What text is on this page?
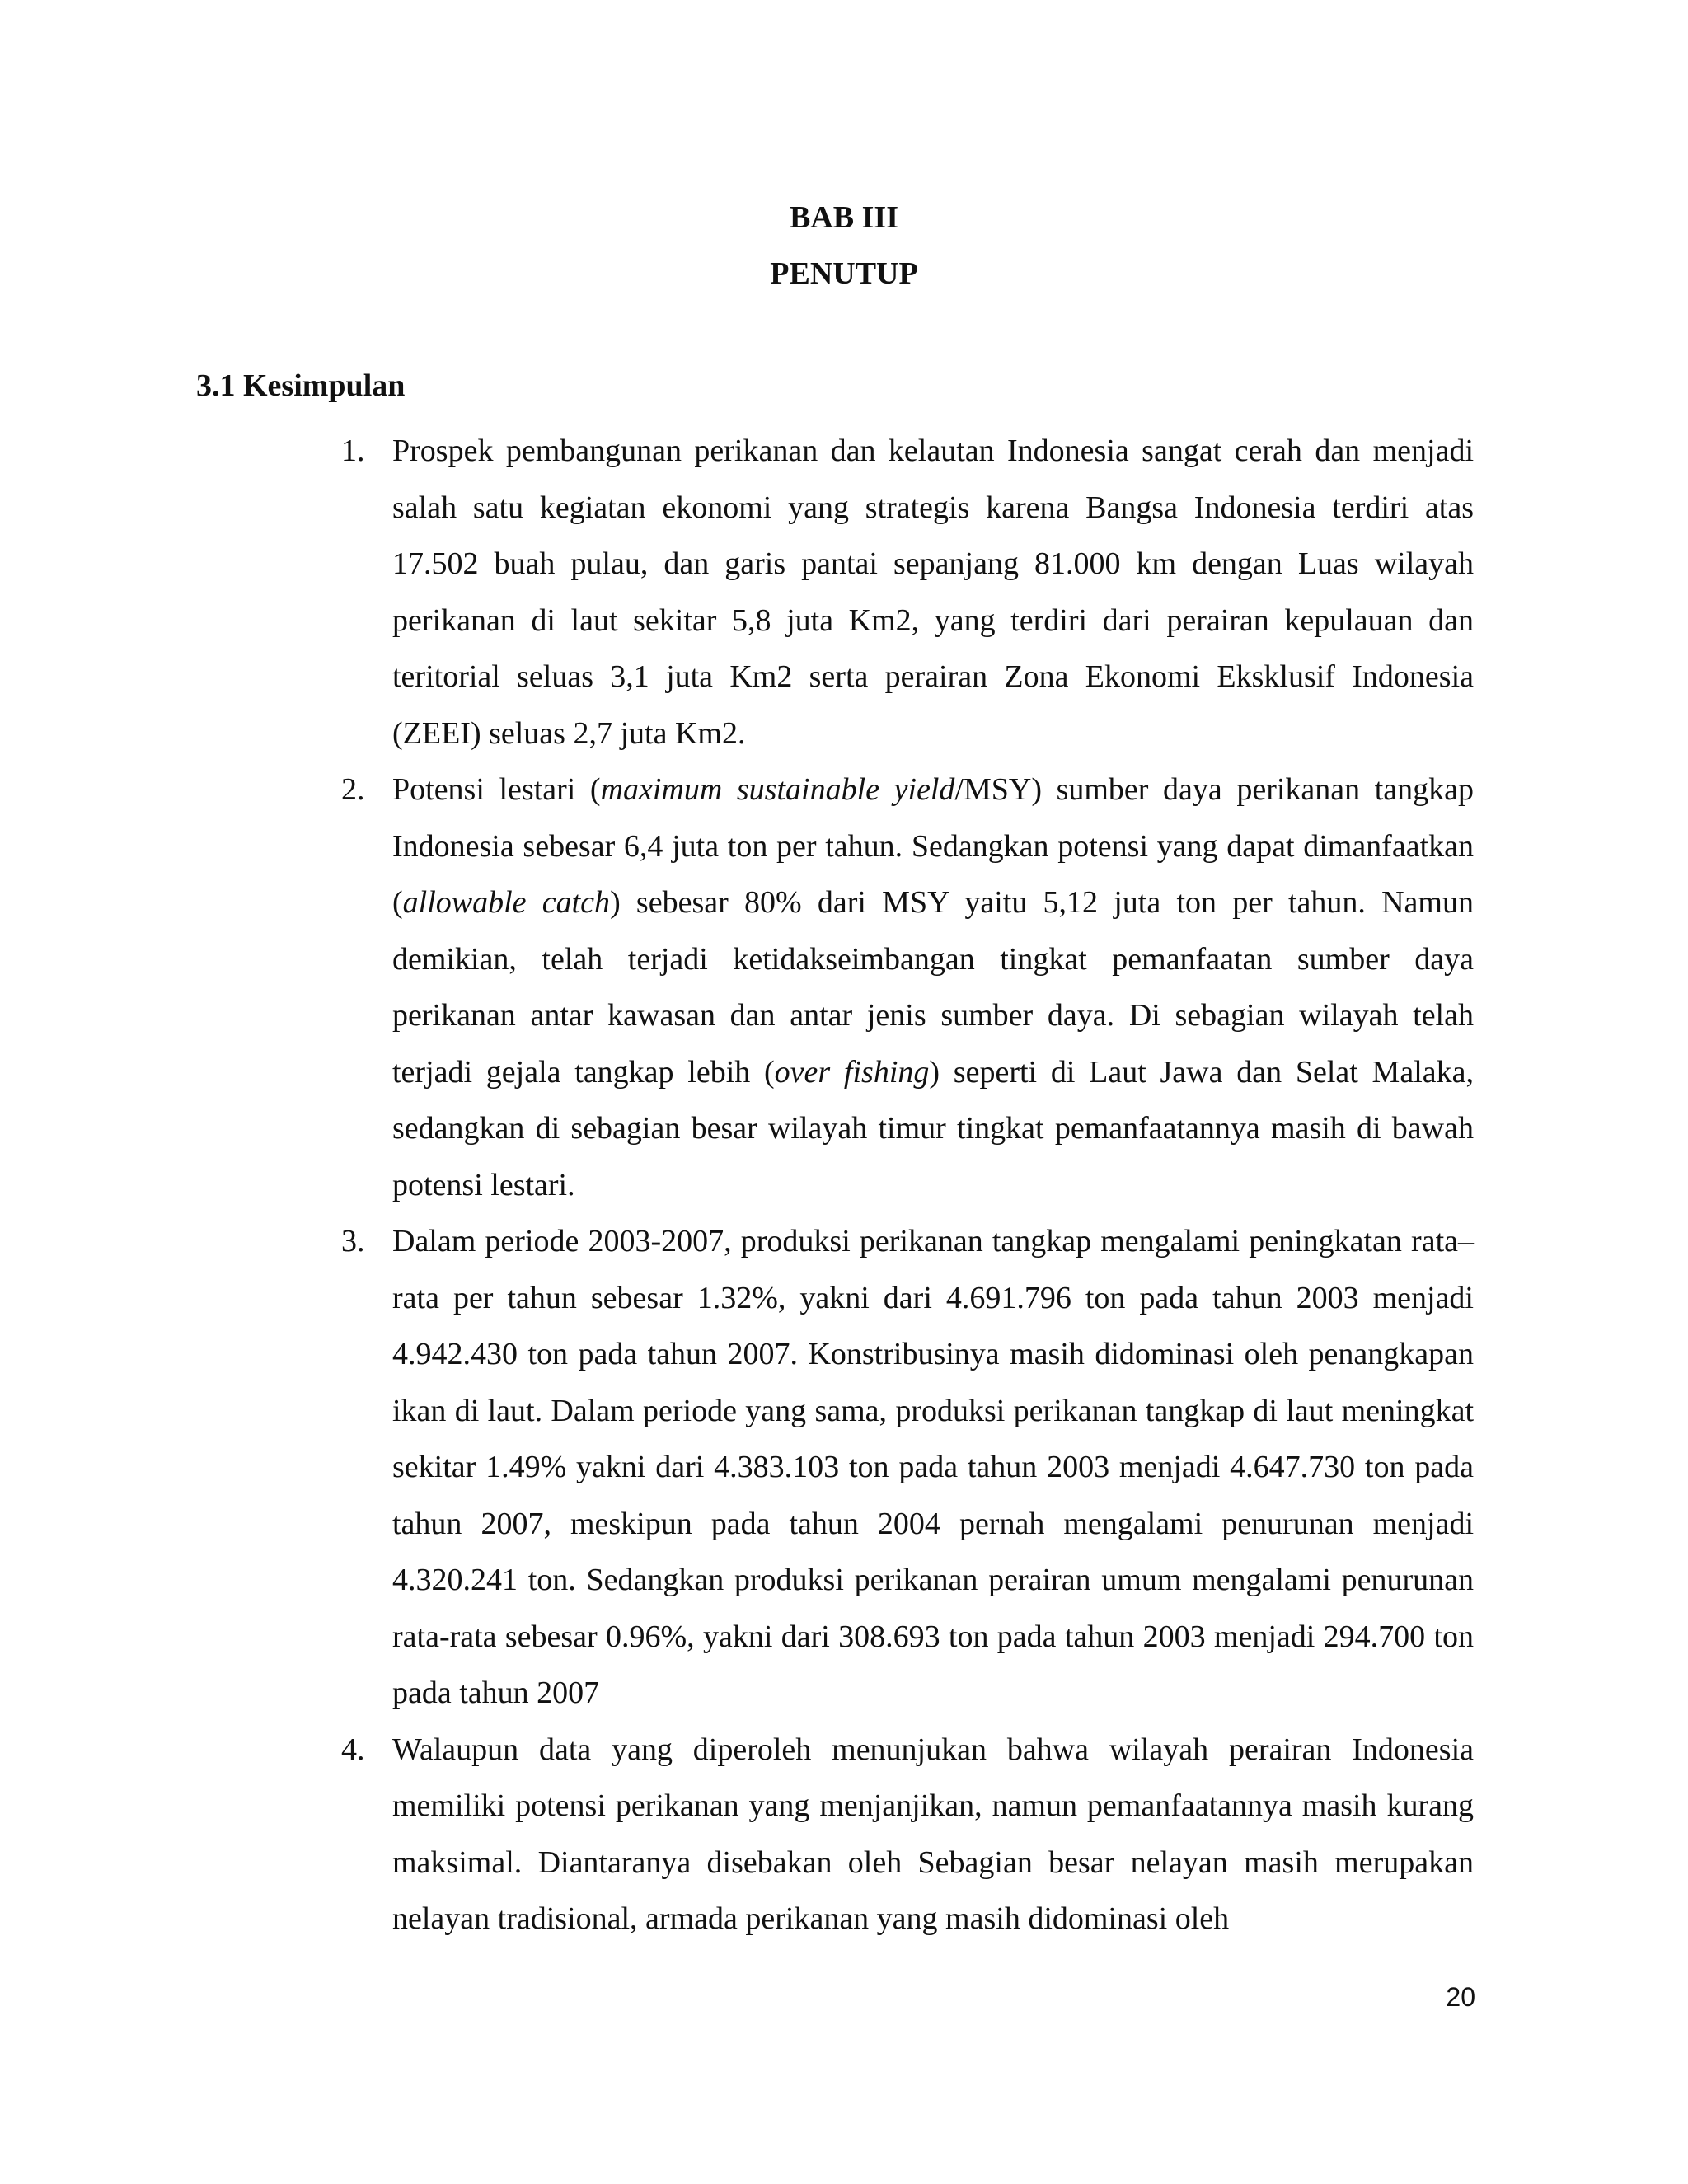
BAB III
PENUTUP
3.1 Kesimpulan
1. Prospek pembangunan perikanan dan kelautan Indonesia sangat cerah dan menjadi salah satu kegiatan ekonomi yang strategis karena Bangsa Indonesia terdiri atas 17.502 buah pulau, dan garis pantai sepanjang 81.000 km dengan Luas wilayah perikanan di laut sekitar 5,8 juta Km2, yang terdiri dari perairan kepulauan dan teritorial seluas 3,1 juta Km2 serta perairan Zona Ekonomi Eksklusif Indonesia (ZEEI) seluas 2,7 juta Km2.
2. Potensi lestari (maximum sustainable yield/MSY) sumber daya perikanan tangkap Indonesia sebesar 6,4 juta ton per tahun. Sedangkan potensi yang dapat dimanfaatkan (allowable catch) sebesar 80% dari MSY yaitu 5,12 juta ton per tahun. Namun demikian, telah terjadi ketidakseimbangan tingkat pemanfaatan sumber daya perikanan antar kawasan dan antar jenis sumber daya. Di sebagian wilayah telah terjadi gejala tangkap lebih (over fishing) seperti di Laut Jawa dan Selat Malaka, sedangkan di sebagian besar wilayah timur tingkat pemanfaatannya masih di bawah potensi lestari.
3. Dalam periode 2003-2007, produksi perikanan tangkap mengalami peningkatan rata–rata per tahun sebesar 1.32%, yakni dari 4.691.796 ton pada tahun 2003 menjadi 4.942.430 ton pada tahun 2007. Konstribusinya masih didominasi oleh penangkapan ikan di laut. Dalam periode yang sama, produksi perikanan tangkap di laut meningkat sekitar 1.49% yakni dari 4.383.103 ton pada tahun 2003 menjadi 4.647.730 ton pada tahun 2007, meskipun pada tahun 2004 pernah mengalami penurunan menjadi 4.320.241 ton. Sedangkan produksi perikanan perairan umum mengalami penurunan rata-rata sebesar 0.96%, yakni dari 308.693 ton pada tahun 2003 menjadi 294.700 ton pada tahun 2007
4. Walaupun data yang diperoleh menunjukan bahwa wilayah perairan Indonesia memiliki potensi perikanan yang menjanjikan, namun pemanfaatannya masih kurang maksimal. Diantaranya disebakan oleh Sebagian besar nelayan masih merupakan nelayan tradisional, armada perikanan yang masih didominasi oleh
20
